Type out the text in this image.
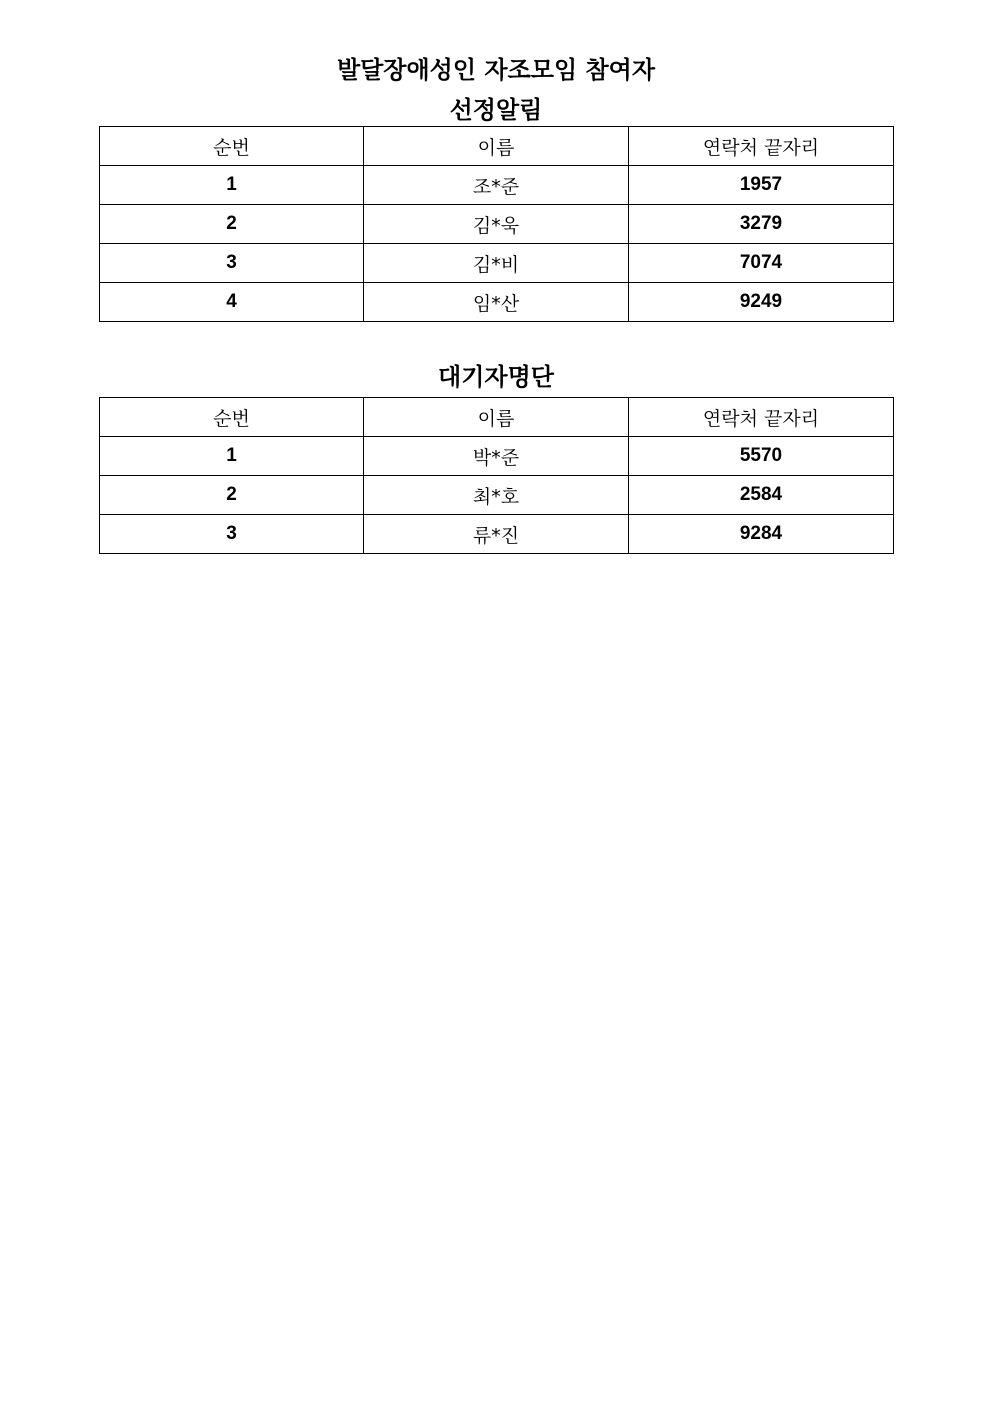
발달장애성인 자조모임 참여자
선정알림
순번	이름	연락처 끝자리
1	조*준	1957
2	김*욱	3279
3	김*비	7074
4	임*산	9249
대기자명단
순번	이름	연락처 끝자리
1	박*준	5570
2	최*호	2584
3	류*진	9284
